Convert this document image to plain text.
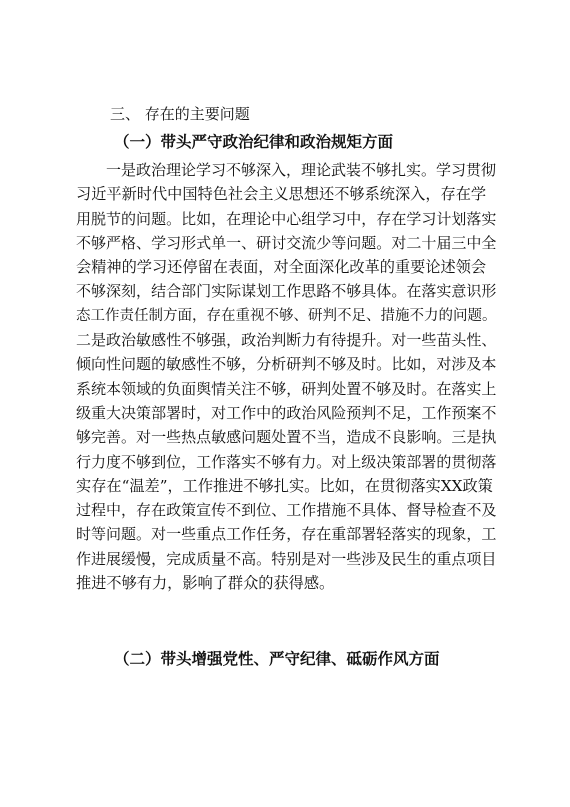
三、 存在的主要问题
（一）带头严守政治纪律和政治规矩方面
一是政治理论学习不够深入，理论武装不够扎实。学习贯彻
习近平新时代中国特色社会主义思想还不够系统深入，存在学
用脱节的问题。比如，在理论中心组学习中，存在学习计划落实
不够严格、学习形式单一、研讨交流少等问题。对二十届三中全
会精神的学习还停留在表面，对全面深化改革的重要论述领会
不够深刻，结合部门实际谋划工作思路不够具体。在落实意识形
态工作责任制方面，存在重视不够、研判不足、措施不力的问题。
二是政治敏感性不够强，政治判断力有待提升。对一些苗头性、
倾向性问题的敏感性不够，分析研判不够及时。比如，对涉及本
系统本领域的负面舆情关注不够，研判处置不够及时。在落实上
级重大决策部署时，对工作中的政治风险预判不足，工作预案不
够完善。对一些热点敏感问题处置不当，造成不良影响。三是执
行力度不够到位，工作落实不够有力。对上级决策部署的贯彻落
实存在“温差”，工作推进不够扎实。比如，在贯彻落实XX政策
过程中，存在政策宣传不到位、工作措施不具体、督导检查不及
时等问题。对一些重点工作任务，存在重部署轻落实的现象，工
作进展缓慢，完成质量不高。特别是对一些涉及民生的重点项目
推进不够有力，影响了群众的获得感。
（二）带头增强党性、严守纪律、砥砺作风方面
